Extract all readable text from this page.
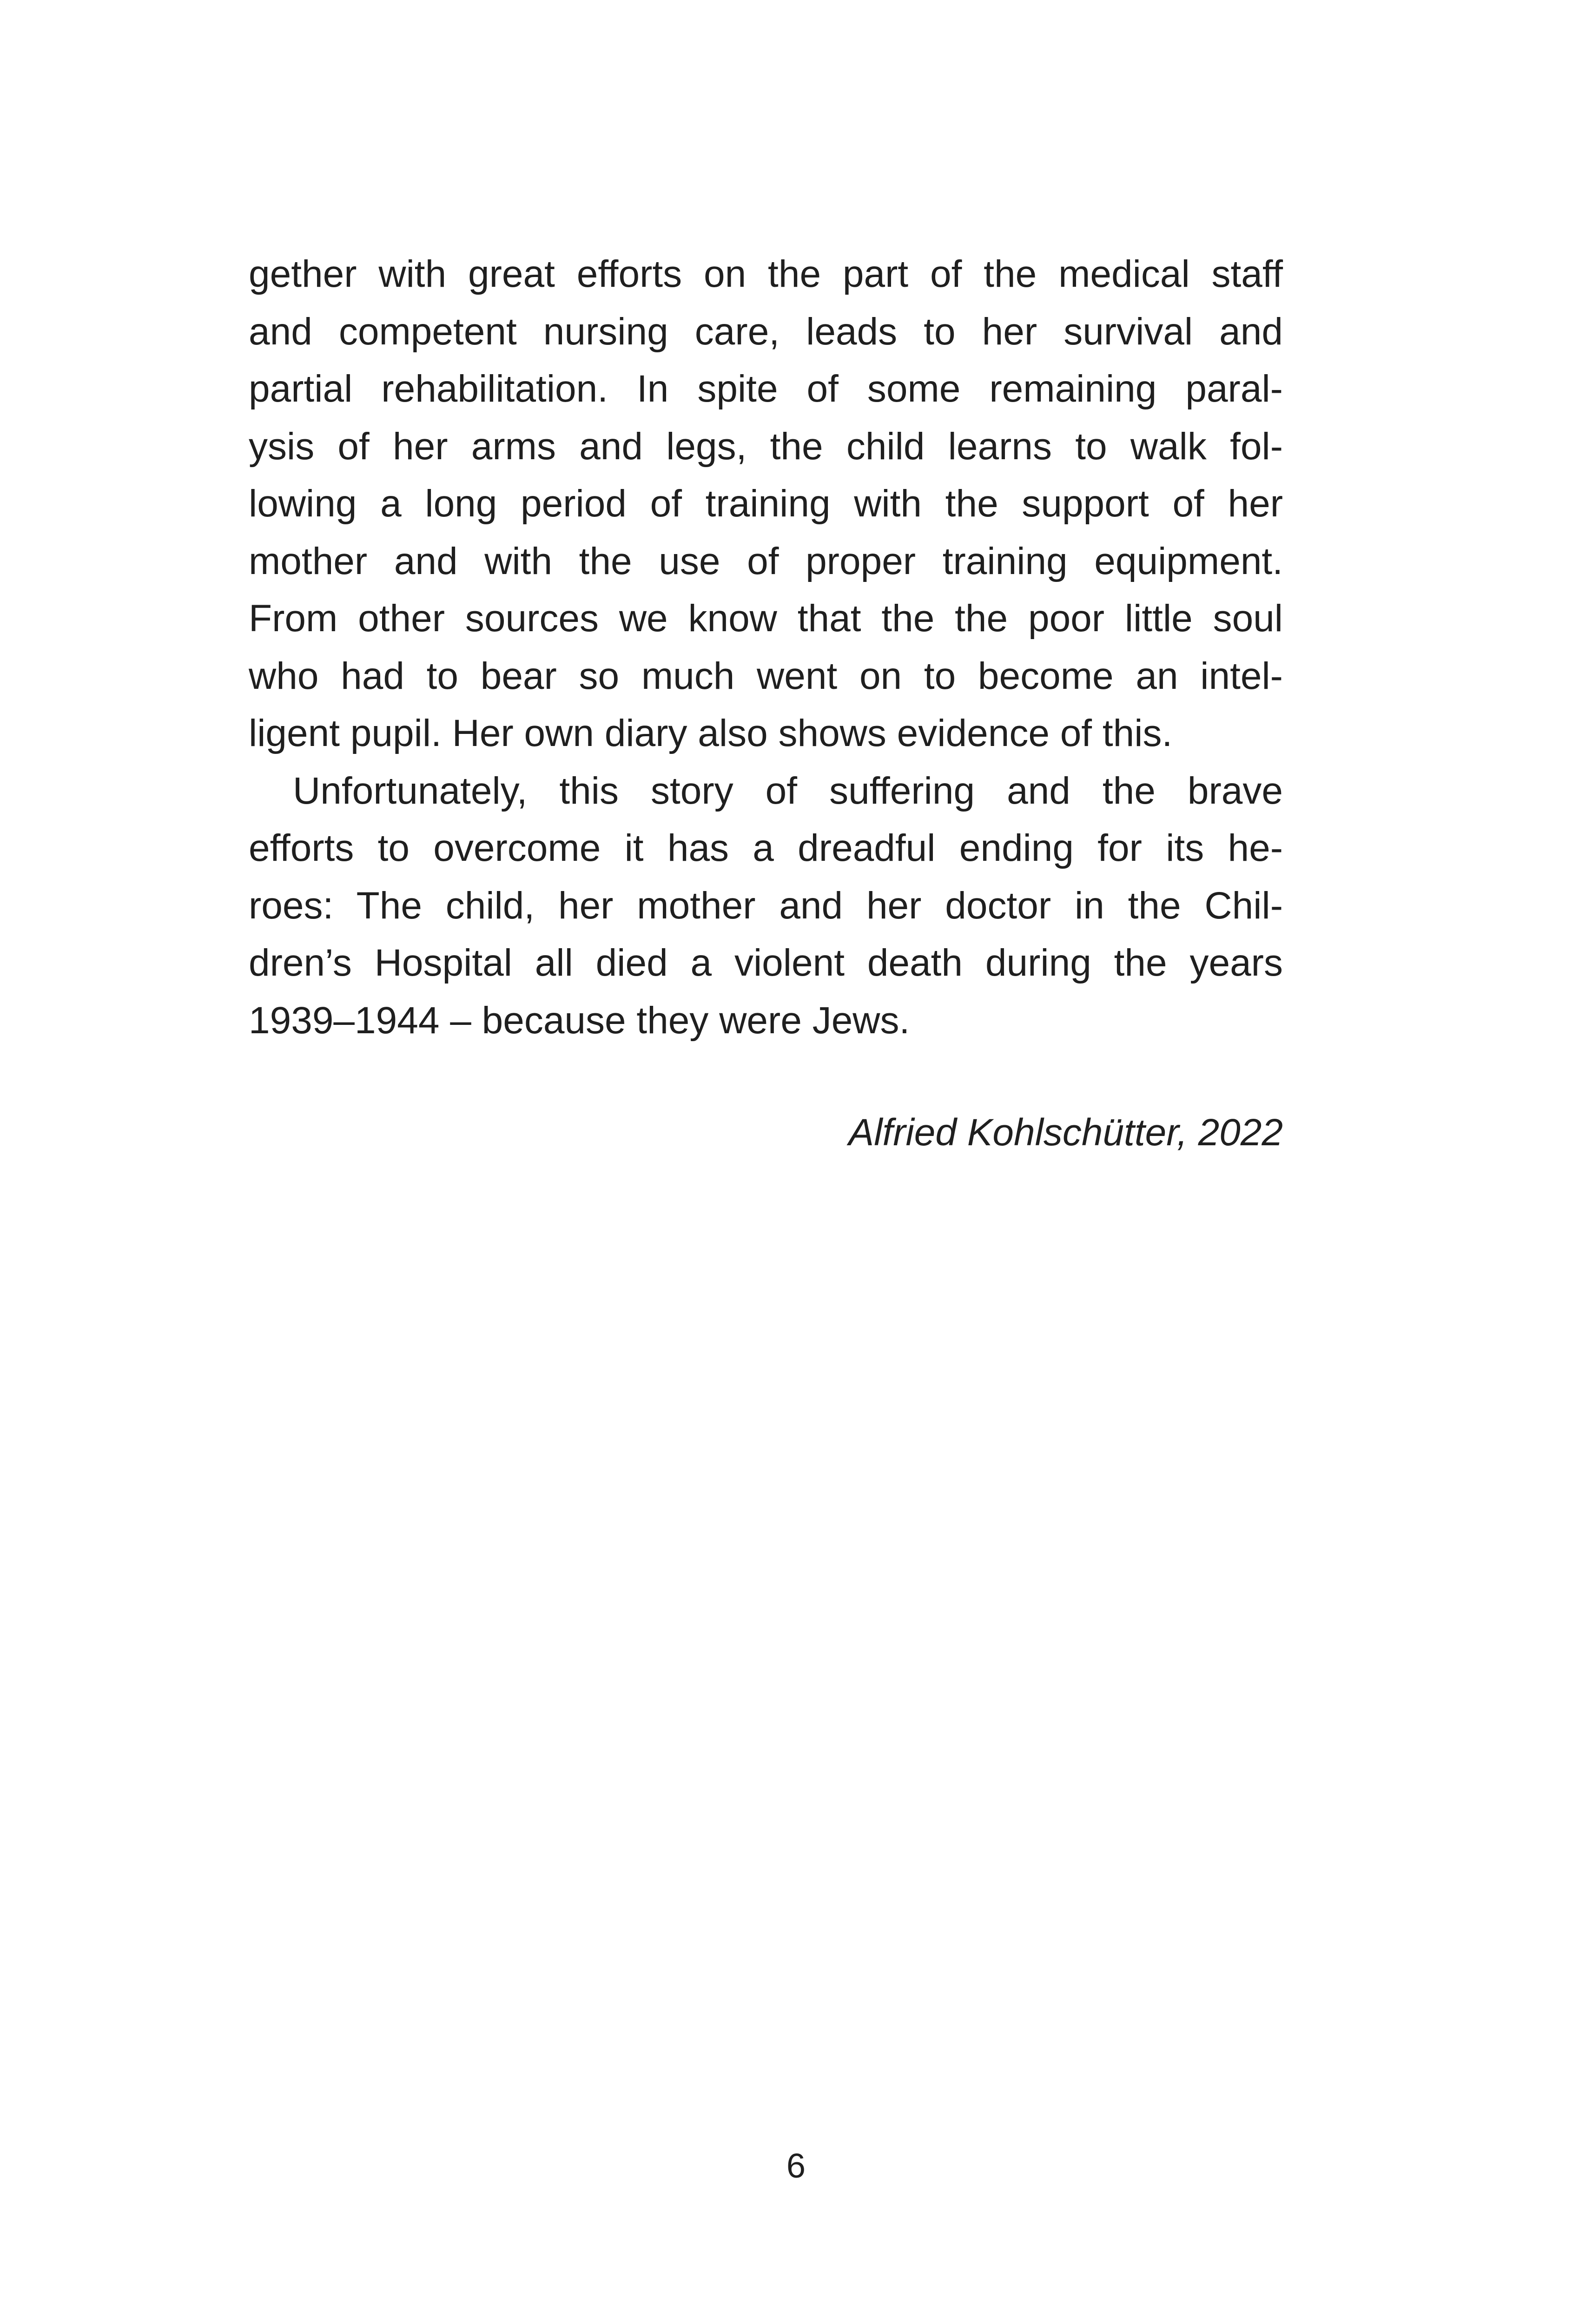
gether with great efforts on the part of the medical staff
and competent nursing care, leads to her survival and
partial rehabilitation. In spite of some remaining paral-
ysis of her arms and legs, the child learns to walk fol-
lowing a long period of training with the support of her
mother and with the use of proper training equipment.
From other sources we know that the the poor little soul
who had to bear so much went on to become an intel-
ligent pupil. Her own diary also shows evidence of this.
Unfortunately, this story of suffering and the brave
efforts to overcome it has a dreadful ending for its he-
roes: The child, her mother and her doctor in the Chil-
dren’s Hospital all died a violent death during the years
1939–1944 – because they were Jews.
Alfried Kohlschütter, 2022
6
